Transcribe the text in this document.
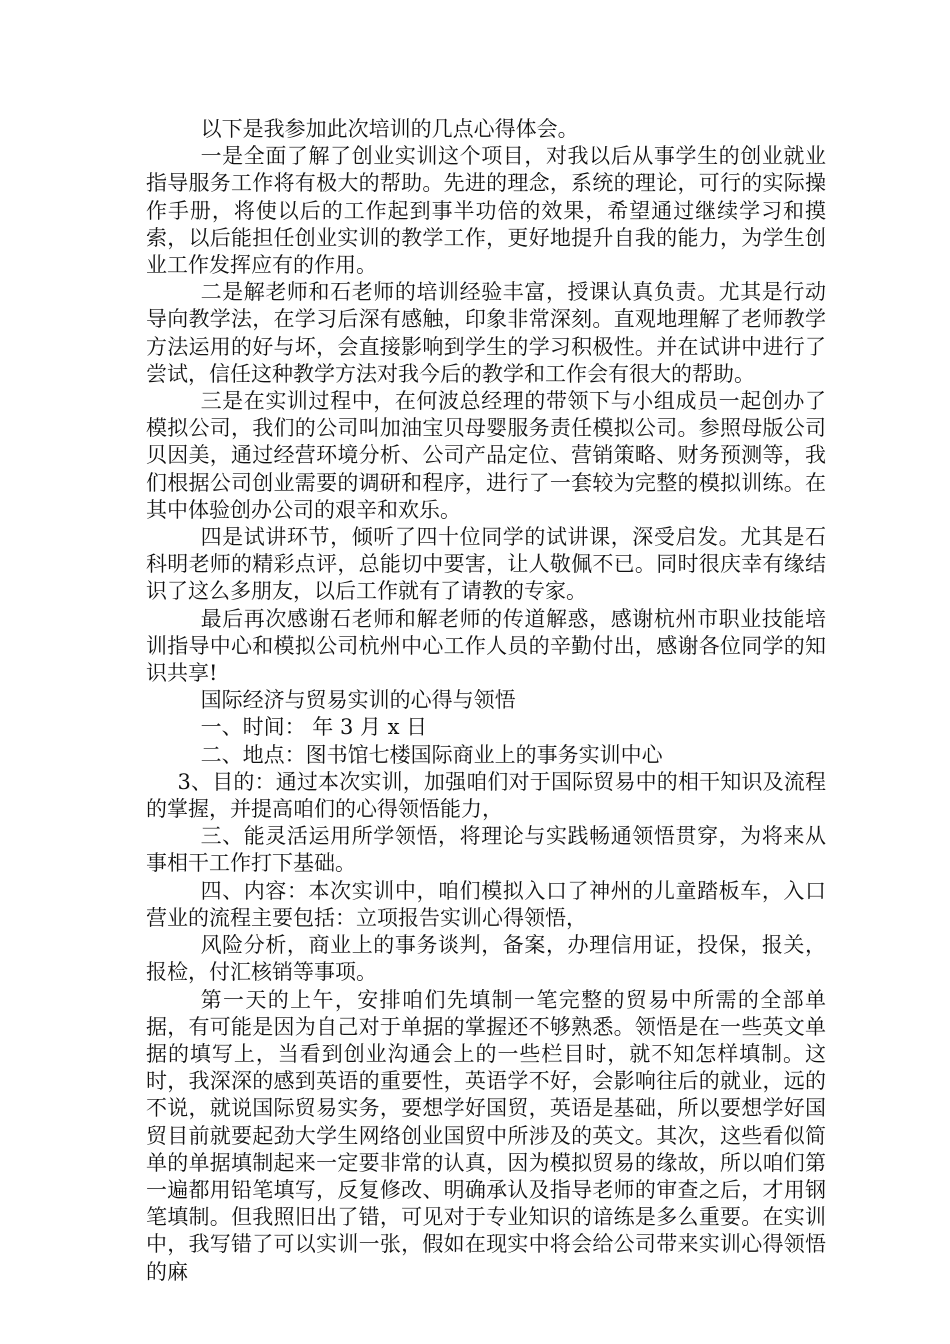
以下是我参加此次培训的几点心得体会。

一是全面了解了创业实训这个项目，对我以后从事学生的创业就业指导服务工作将有极大的帮助。先进的理念，系统的理论，可行的实际操作手册，将使以后的工作起到事半功倍的效果，希望通过继续学习和摸索，以后能担任创业实训的教学工作，更好地提升自我的能力，为学生创业工作发挥应有的作用。

二是解老师和石老师的培训经验丰富，授课认真负责。尤其是行动导向教学法，在学习后深有感触，印象非常深刻。直观地理解了老师教学方法运用的好与坏，会直接影响到学生的学习积极性。并在试讲中进行了尝试，信任这种教学方法对我今后的教学和工作会有很大的帮助。

三是在实训过程中，在何波总经理的带领下与小组成员一起创办了模拟公司，我们的公司叫加油宝贝母婴服务责任模拟公司。参照母版公司贝因美，通过经营环境分析、公司产品定位、营销策略、财务预测等，我们根据公司创业需要的调研和程序，进行了一套较为完整的模拟训练。在其中体验创办公司的艰辛和欢乐。

四是试讲环节，倾听了四十位同学的试讲课，深受启发。尤其是石科明老师的精彩点评，总能切中要害，让人敬佩不已。同时很庆幸有缘结识了这么多朋友，以后工作就有了请教的专家。

最后再次感谢石老师和解老师的传道解惑，感谢杭州市职业技能培训指导中心和模拟公司杭州中心工作人员的辛勤付出，感谢各位同学的知识共享!

国际经济与贸易实训的心得与领悟

一、时间： 年 3 月 x 日

二、地点：图书馆七楼国际商业上的事务实训中心

3、目的：通过本次实训，加强咱们对于国际贸易中的相干知识及流程的掌握，并提高咱们的心得领悟能力，

三、能灵活运用所学领悟，将理论与实践畅通领悟贯穿，为将来从事相干工作打下基础。

四、内容：本次实训中，咱们模拟入口了神州的儿童踏板车，入口营业的流程主要包括：立项报告实训心得领悟，

风险分析，商业上的事务谈判，备案，办理信用证，投保，报关，报检，付汇核销等事项。

第一天的上午，安排咱们先填制一笔完整的贸易中所需的全部单据，有可能是因为自己对于单据的掌握还不够熟悉。领悟是在一些英文单据的填写上，当看到创业沟通会上的一些栏目时，就不知怎样填制。这时，我深深的感到英语的重要性，英语学不好，会影响往后的就业，远的不说，就说国际贸易实务，要想学好国贸，英语是基础，所以要想学好国贸目前就要起劲大学生网络创业国贸中所涉及的英文。其次，这些看似简单的单据填制起来一定要非常的认真，因为模拟贸易的缘故，所以咱们第一遍都用铅笔填写，反复修改、明确承认及指导老师的审查之后，才用钢笔填制。但我照旧出了错，可见对于专业知识的谙练是多么重要。在实训中，我写错了可以实训一张，假如在现实中将会给公司带来实训心得领悟的麻
